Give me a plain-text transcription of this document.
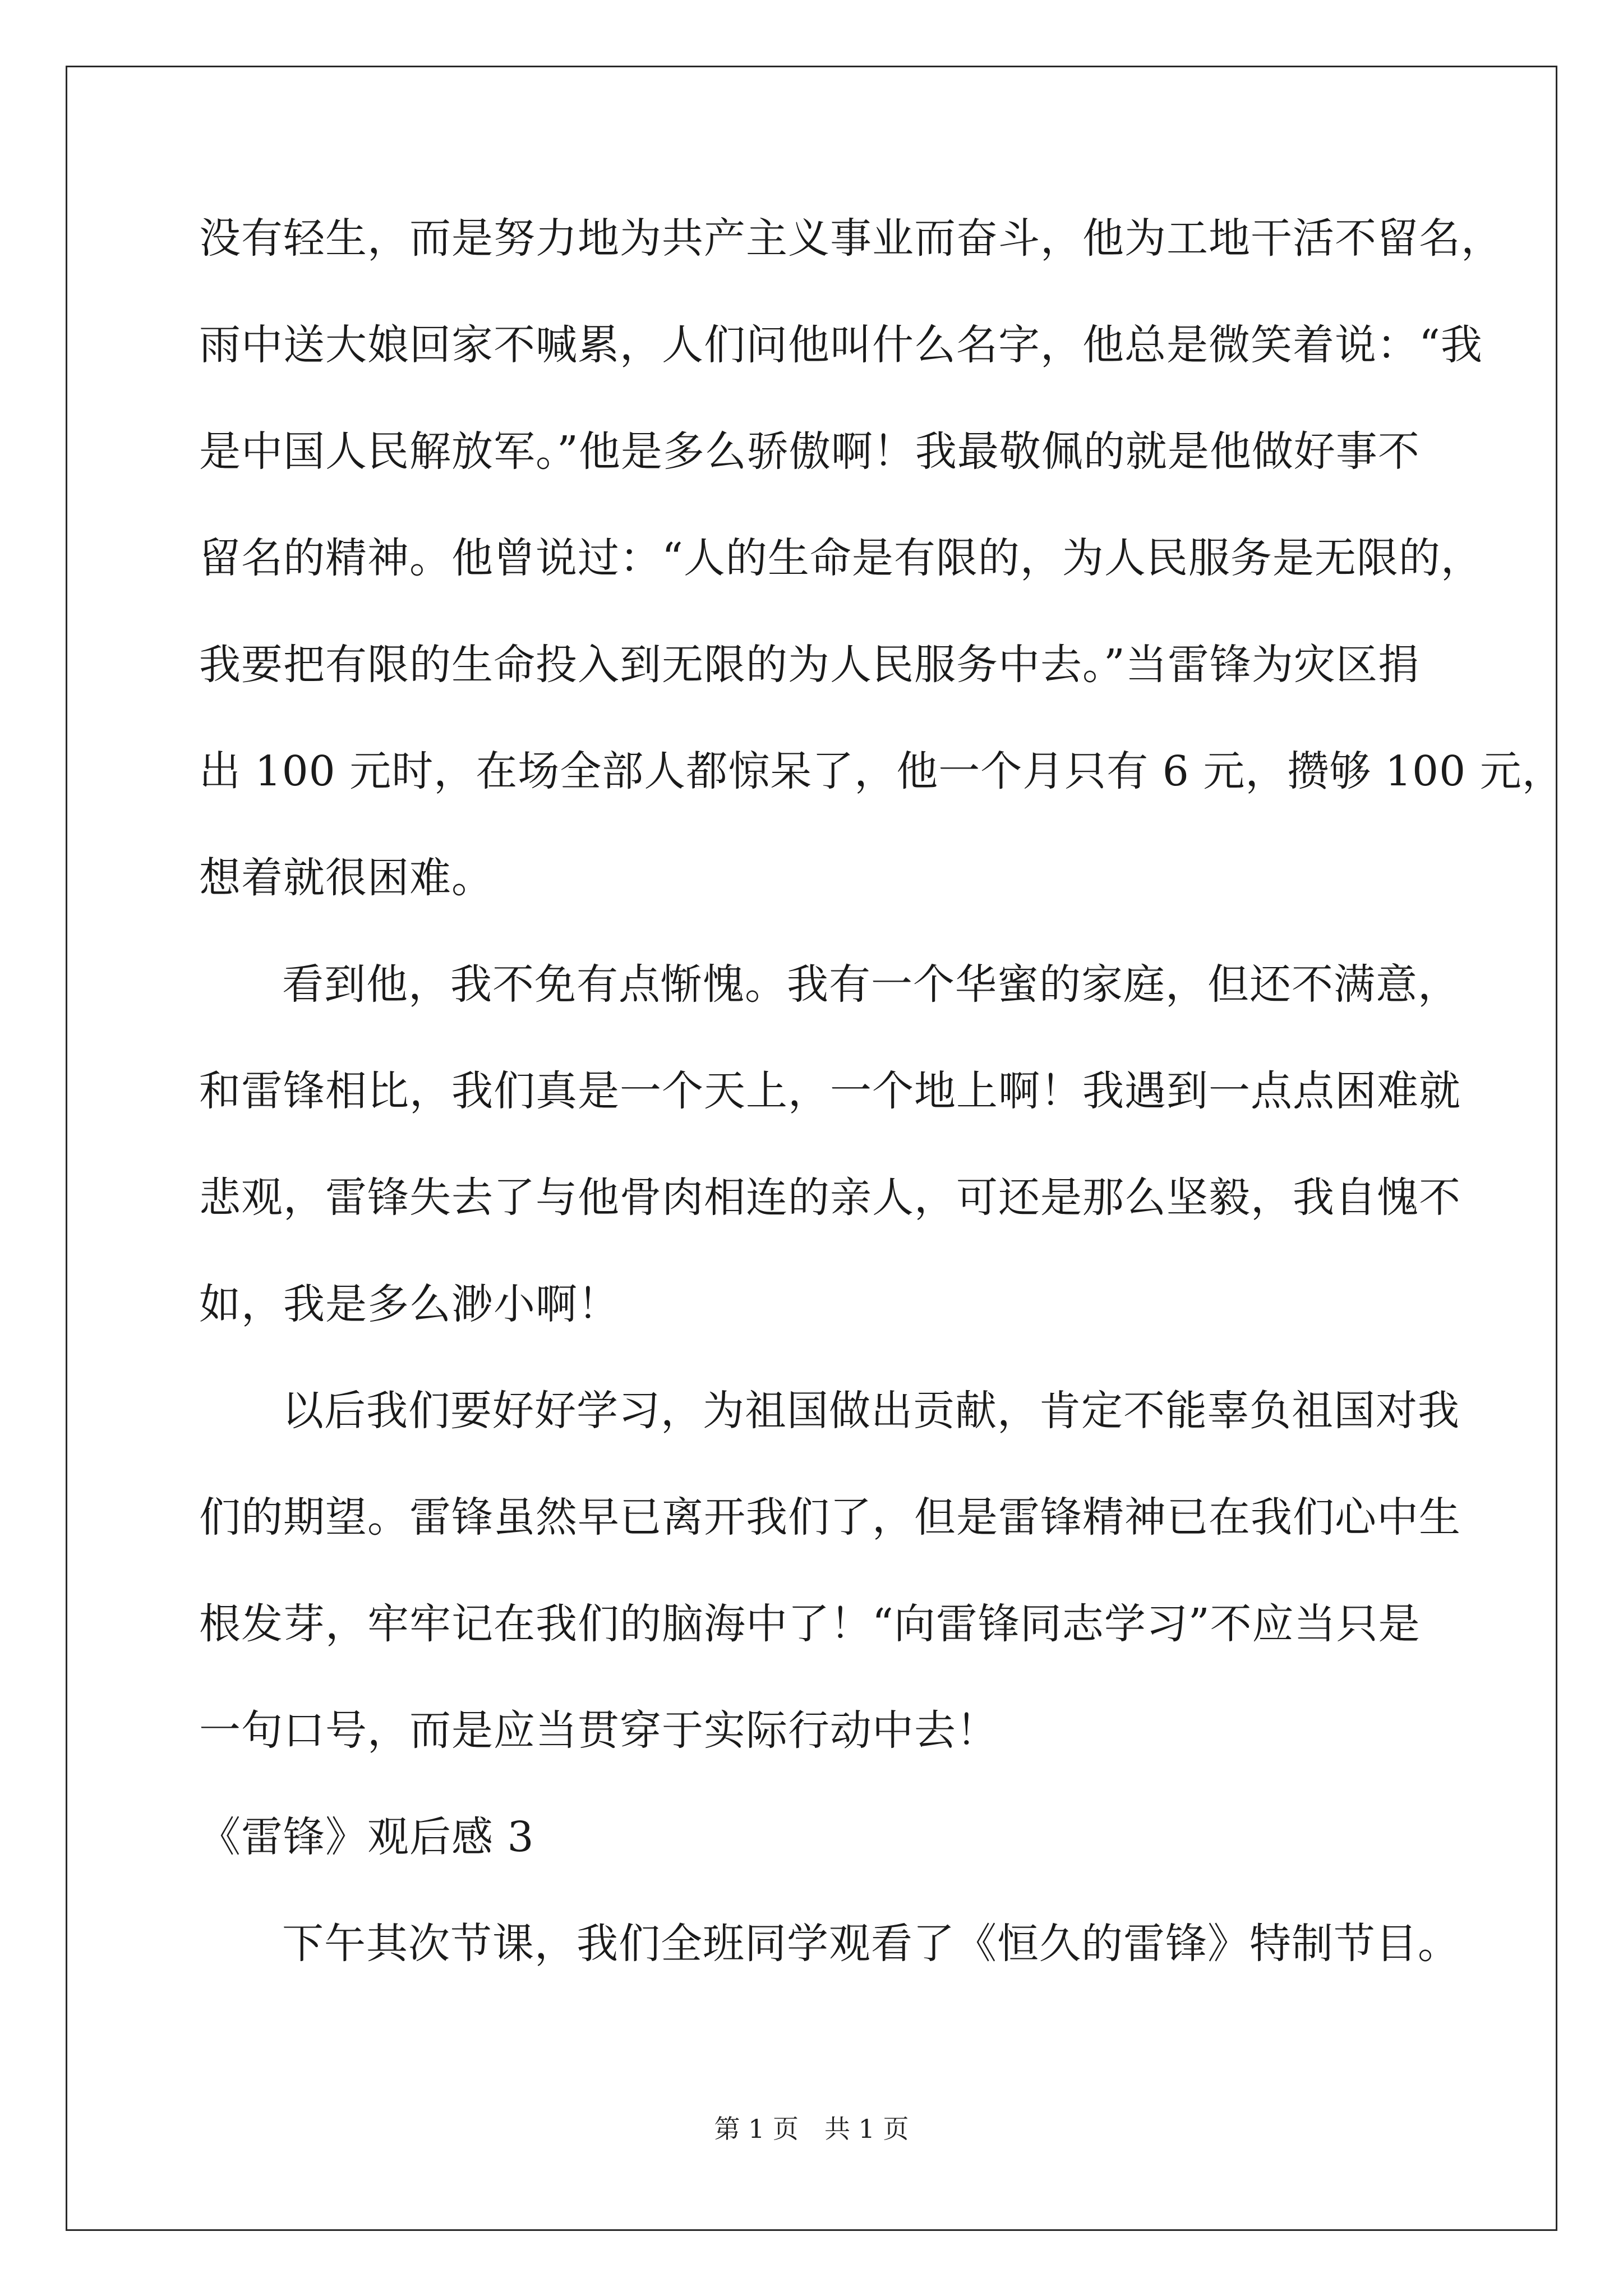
没有轻生，而是努力地为共产主义事业而奋斗，他为工地干活不留名，
雨中送大娘回家不喊累，人们问他叫什么名字，他总是微笑着说：“我
是中国人民解放军。”他是多么骄傲啊！我最敬佩的就是他做好事不
留名的精神。他曾说过：“人的生命是有限的，为人民服务是无限的，
我要把有限的生命投入到无限的为人民服务中去。”当雷锋为灾区捐
出 100 元时，在场全部人都惊呆了，他一个月只有 6 元，攒够 100 元，
想着就很困难。
看到他，我不免有点惭愧。我有一个华蜜的家庭，但还不满意，
和雷锋相比，我们真是一个天上，一个地上啊！我遇到一点点困难就
悲观，雷锋失去了与他骨肉相连的亲人，可还是那么坚毅，我自愧不
如，我是多么渺小啊！
以后我们要好好学习，为祖国做出贡献，肯定不能辜负祖国对我
们的期望。雷锋虽然早已离开我们了，但是雷锋精神已在我们心中生
根发芽，牢牢记在我们的脑海中了！“向雷锋同志学习”不应当只是
一句口号，而是应当贯穿于实际行动中去！
《雷锋》观后感 3
下午其次节课，我们全班同学观看了《恒久的雷锋》特制节目。
第 1 页　共 1 页
